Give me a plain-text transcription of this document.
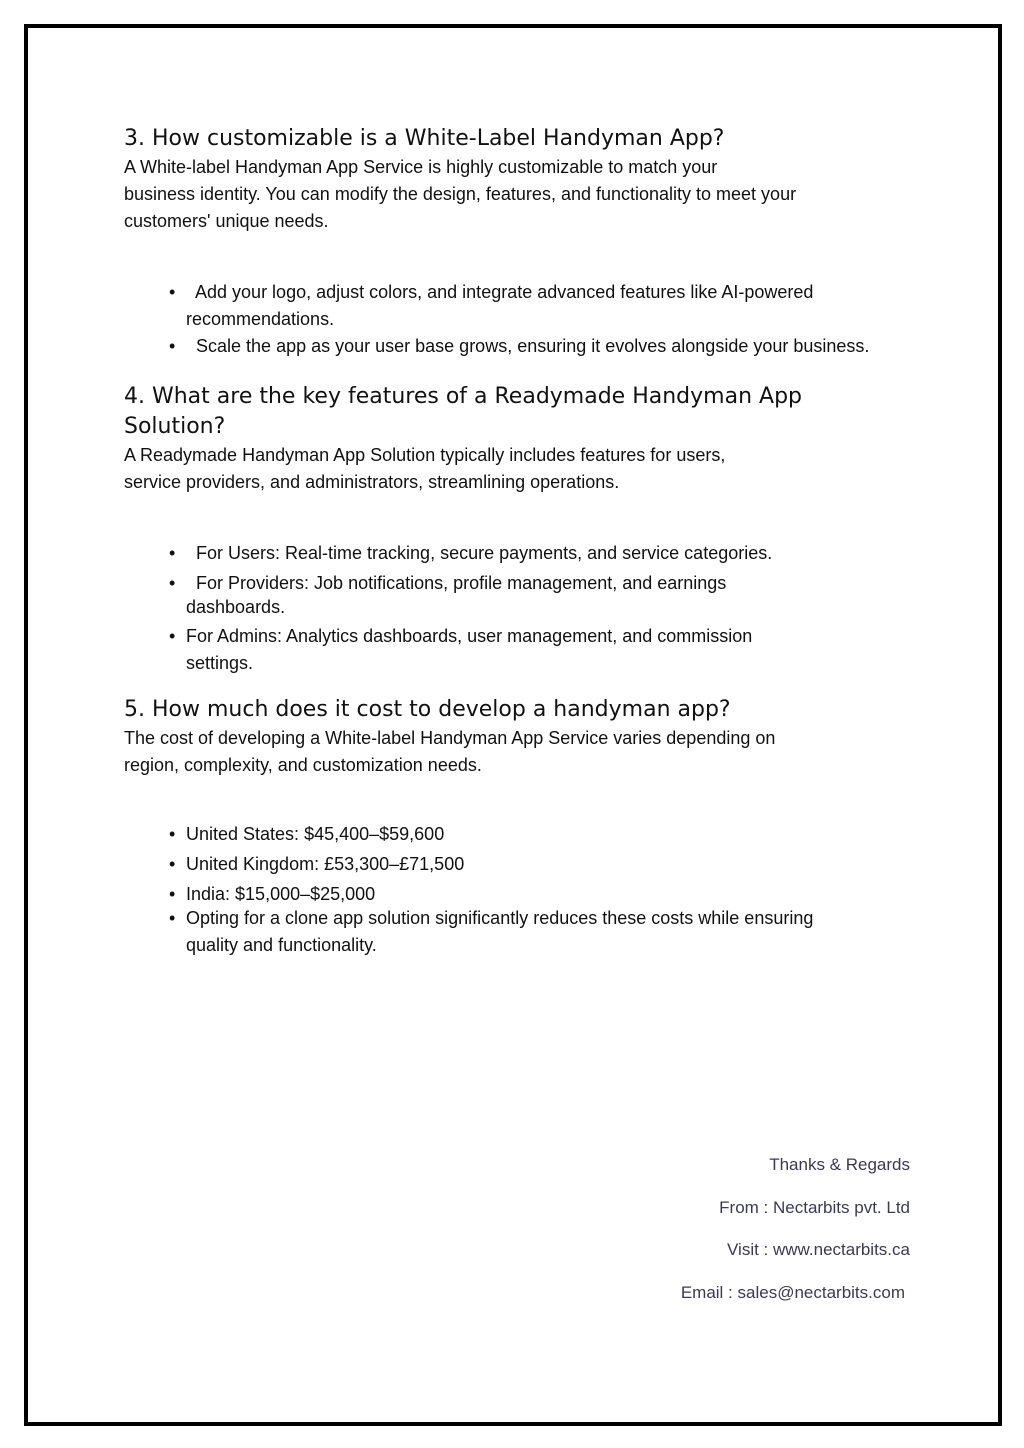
3. How customizable is a White-Label Handyman App?

A White-label Handyman App Service is highly customizable to match your
business identity. You can modify the design, features, and functionality to meet your
customers' unique needs.

• Add your logo, adjust colors, and integrate advanced features like AI-powered recommendations.
• Scale the app as your user base grows, ensuring it evolves alongside your business.
4. What are the key features of a Readymade Handyman App Solution?

A Readymade Handyman App Solution typically includes features for users,
service providers, and administrators, streamlining operations.

• For Users: Real-time tracking, secure payments, and service categories.
• For Providers: Job notifications, profile management, and earnings dashboards.
• For Admins: Analytics dashboards, user management, and commission settings.
5. How much does it cost to develop a handyman app?

The cost of developing a White-label Handyman App Service varies depending on
region, complexity, and customization needs.

• United States: $45,400–$59,600
• United Kingdom: £53,300–£71,500
• India: $15,000–$25,000
• Opting for a clone app solution significantly reduces these costs while ensuring quality and functionality.
Thanks & Regards
From : Nectarbits pvt. Ltd
Visit : www.nectarbits.ca
Email : sales@nectarbits.com
